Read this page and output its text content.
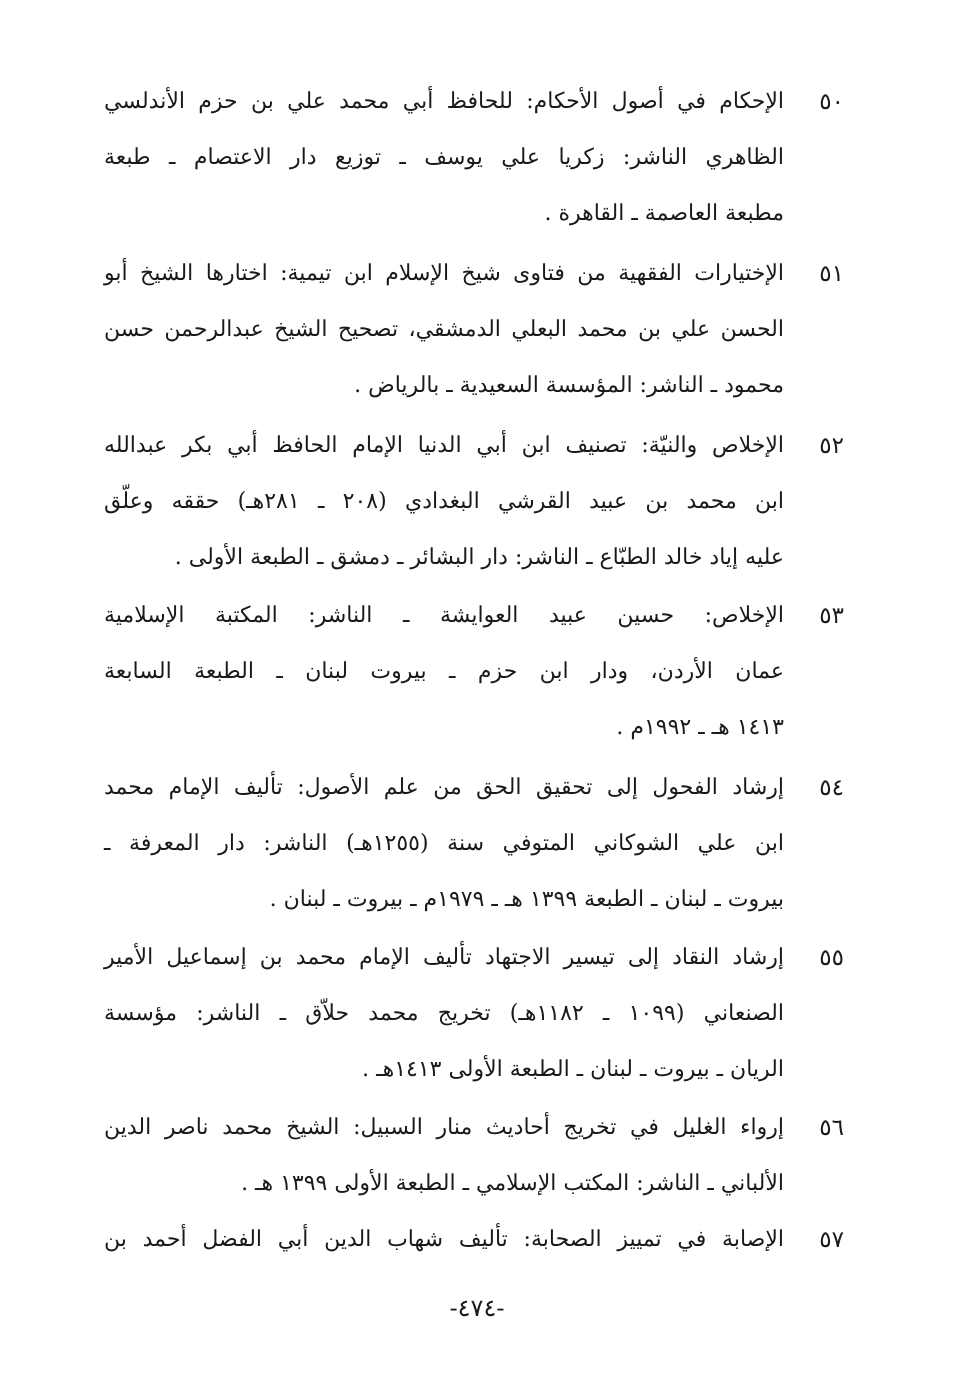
٥٠
الإحكام في أصول الأحكام: للحافظ أبي محمد علي بن حزم الأندلسي
الظاهري الناشر: زكريا علي يوسف ـ توزيع دار الاعتصام ـ طبعة
مطبعة العاصمة ـ القاهرة .
٥١
الإختيارات الفقهية من فتاوى شيخ الإسلام ابن تيمية: اختارها الشيخ أبو
الحسن علي بن محمد البعلي الدمشقي، تصحيح الشيخ عبدالرحمن حسن
محمود ـ الناشر: المؤسسة السعيدية ـ بالرياض .
٥٢
الإخلاص والنيّة: تصنيف ابن أبي الدنيا الإمام الحافظ أبي بكر عبدالله
ابن محمد بن عبيد القرشي البغدادي (٢٠٨ ـ ٢٨١هـ) حققه وعلّق
عليه إياد خالد الطبّاع ـ الناشر: دار البشائر ـ دمشق ـ الطبعة الأولى .
٥٣
الإخلاص: حسين عبيد العوايشة ـ الناشر: المكتبة الإسلامية
عمان الأردن، ودار ابن حزم ـ بيروت لبنان ـ الطبعة السابعة
١٤١٣ هـ ـ ١٩٩٢م .
٥٤
إرشاد الفحول إلى تحقيق الحق من علم الأصول: تأليف الإمام محمد
ابن علي الشوكاني المتوفي سنة (١٢٥٥هـ) الناشر: دار المعرفة ـ
بيروت ـ لبنان ـ الطبعة ١٣٩٩ هـ ـ ١٩٧٩م ـ بيروت ـ لبنان .
٥٥
إرشاد النقاد إلى تيسير الاجتهاد تأليف الإمام محمد بن إسماعيل الأمير
الصنعاني (١٠٩٩ ـ ١١٨٢هـ) تخريج محمد حلاّق ـ الناشر: مؤسسة
الريان ـ بيروت ـ لبنان ـ الطبعة الأولى ١٤١٣هـ .
٥٦
إرواء الغليل في تخريج أحاديث منار السبيل: الشيخ محمد ناصر الدين
الألباني ـ الناشر: المكتب الإسلامي ـ الطبعة الأولى ١٣٩٩ هـ .
٥٧
الإصابة في تمييز الصحابة: تأليف شهاب الدين أبي الفضل أحمد بن
-٤٧٤-
